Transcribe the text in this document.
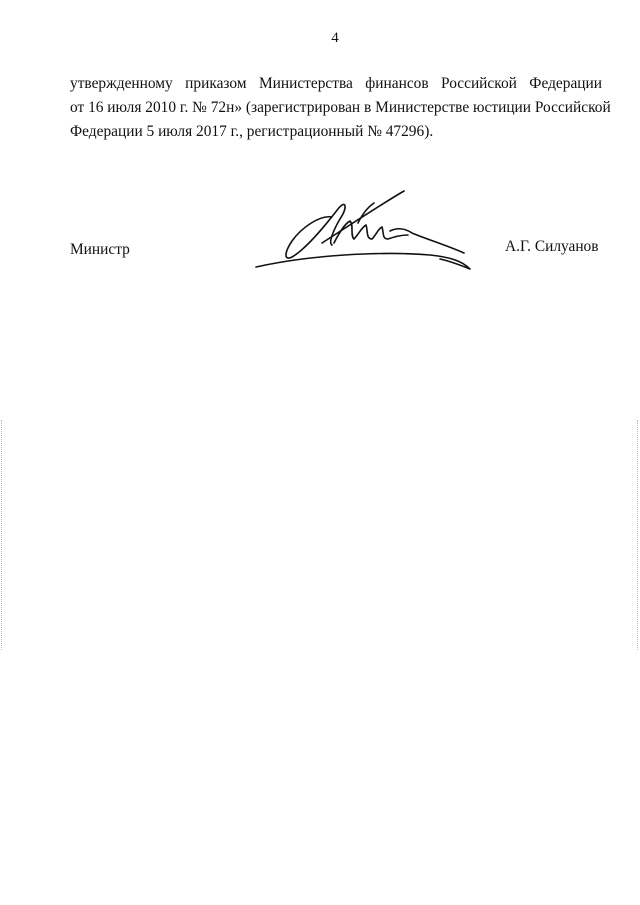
4
утвержденному приказом Министерства финансов Российской Федерации
от 16 июля 2010 г. № 72н» (зарегистрирован в Министерстве юстиции Российской
Федерации 5 июля 2017 г., регистрационный № 47296).
Министр	А.Г. Силуанов
